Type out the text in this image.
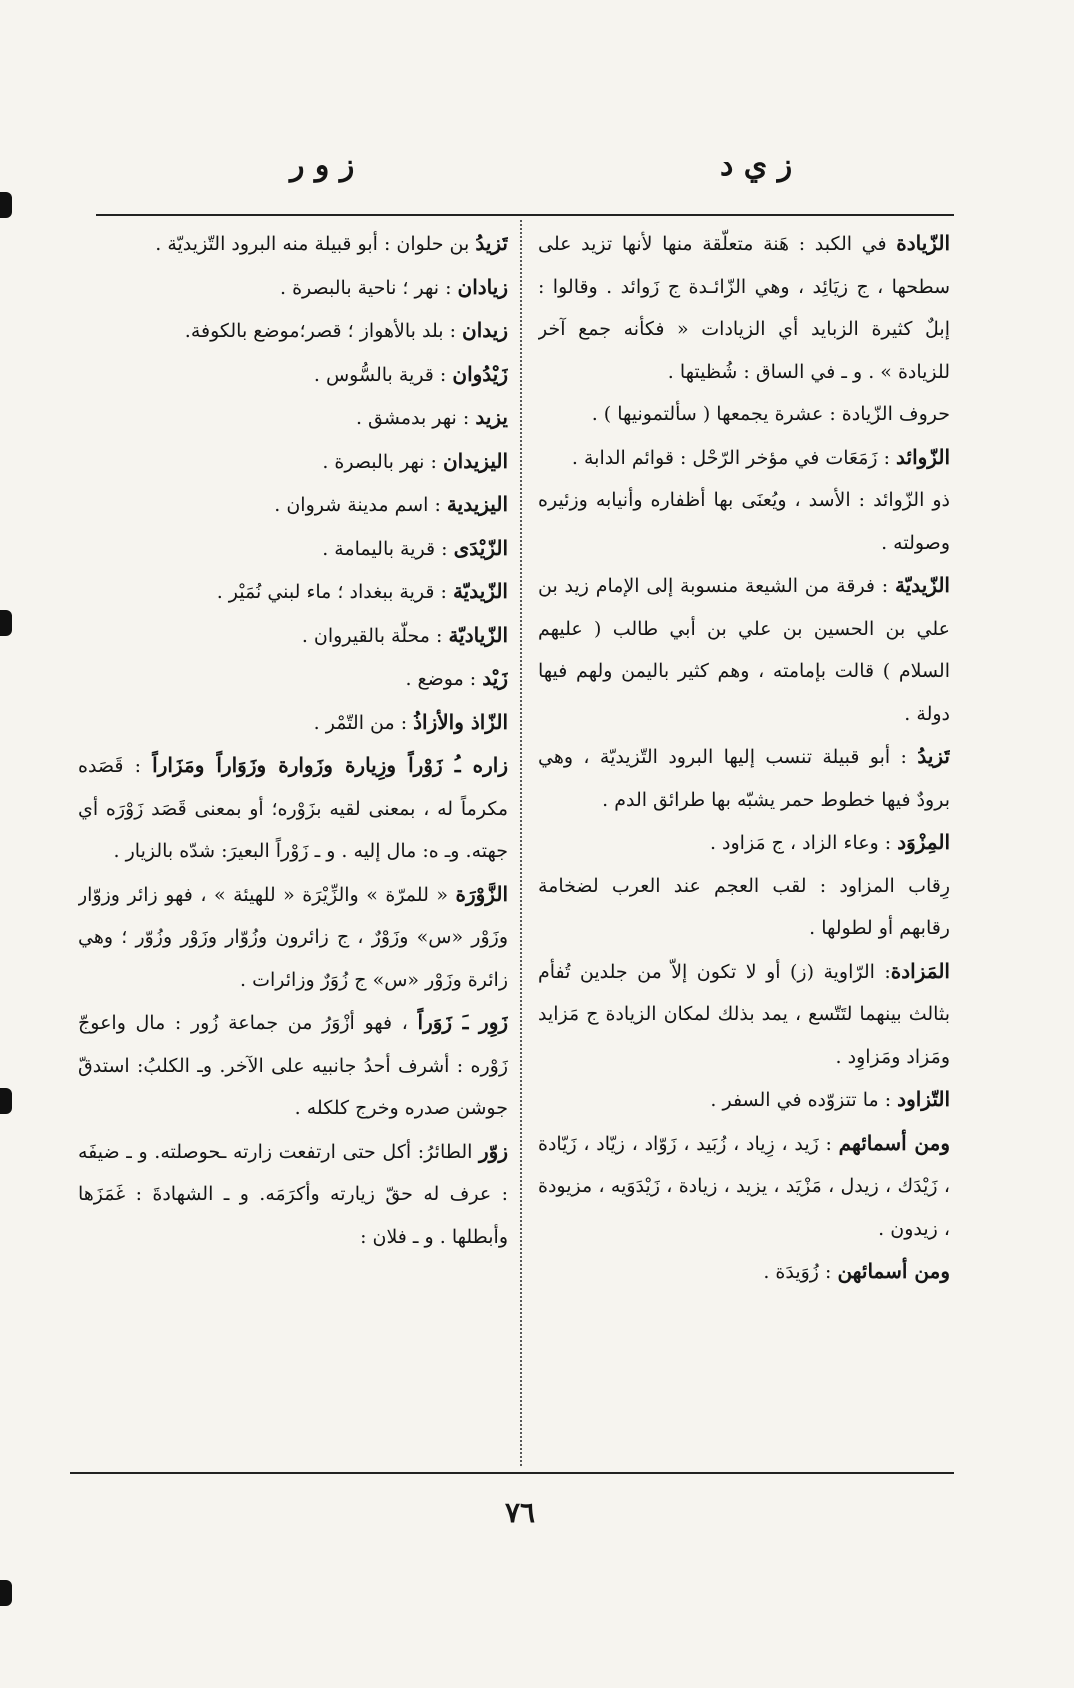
ز ي د
ز و ر

الزّيادة في الكبد : هَنة متعلّقة منها لأنها تزيد على سطحها ، ج زيَائِد ، وهي الزّائـدة ج زَوائد . وقالوا : إبلٌ كثيرة الزبايد أي الزيادات « فكأنه جمع آخر للزيادة » . و ـ في الساق : شُظيتها .

حروف الزّيادة : عشرة يجمعها ( سألتمونيها ) .

الزّوائد : زَمَعَات في مؤخر الرّحْل : قوائم الدابة .

ذو الزّوائد : الأسد ، ويُعنَى بها أظفاره وأنيابه وزئيره وصولته .

الزّيديّة : فرقة من الشيعة منسوبة إلى الإمام زيد بن علي بن الحسين بن علي بن أبي طالب ( عليهم السلام ) قالت بإمامته ، وهم كثير باليمن ولهم فيها دولة .

تَزيدُ : أبو قبيلة تنسب إليها البرود التّزيديّة ، وهي برودٌ فيها خطوط حمر يشبّه بها طرائق الدم .

المِزْوَد : وعاء الزاد ، ج مَزاود .

رِقاب المزاود : لقب العجم عند العرب لضخامة رقابهم أو لطولها .

المَزادة: الرّاوية (ز) أو لا تكون إلاّ من جلدين تُفأم بثالث بينهما لتَتّسع ، يمد بذلك لمكان الزيادة ج مَزايد ومَزاد ومَزاوِد .

التّزاود : ما تتزوّده في السفر .

ومن أسمائهم : زَيد ، زِياد ، زُبَيد ، زَوّاد ، زيّاد ، زَيّادة ، زَيْدَك ، زيدل ، مَزْيَد ، يزيد ، زيادة ، زَيْدَوَيه ، مزيودة ، زيدون .

ومن أسمائهن : زُوَيدَة .

تَزيدُ بن حلوان : أبو قبيلة منه البرود التّزيديّة .

زيادان : نهر ؛ ناحية بالبصرة .

زيدان : بلد بالأهواز ؛ قصر؛موضع بالكوفة.

زَيْدُوان : قرية بالسُّوس .

يزيد : نهر بدمشق .

اليزيدان : نهر بالبصرة .

اليزيدية : اسم مدينة شروان .

الزّيْدَى : قرية باليمامة .

الزّيديّة : قرية ببغداد ؛ ماء لبني نُمَيْر .

الزّياديّة : محلّة بالقيروان .

زَيْد : موضع .

الزّاذ والأزاذُ : من التّمْر .

زاره ـُ زَوْراً وزِيارة وزَوارة وزَوَاراً ومَزَاراً : قَصَده مكرماً له ، بمعنى لقيه بزَوْره؛ أو بمعنى قَصَد زَوْرَه أي جهته. وـ ه: مال إليه . و ـ زَوْراً البعيرَ: شدّه بالزيار .

الزَّوْرَة « للمرّة » والزِّيْرَة « للهيئة » ، فهو زائر وزوّار وزَوْر «س» وزَوْرٌ ، ج زائرون وزُوّار وزَوْر وزُوّر ؛ وهي زائرة وزَوْر «س» ج زُوَرٌ وزائرات .

زَوِر ـَ زَوَراً ، فهو أزْوَرُ من جماعة زُور : مال واعوجّ زَوْره : أشرف أحدُ جانبيه على الآخر. وـ الكلبُ: استدقّ جوشن صدره وخرج كلكله .

زوّر الطائرُ: أكل حتى ارتفعت زارته ـحوصلته. و ـ ضيفَه : عرف له حقّ زيارته وأكرَمَه. و ـ الشهادةَ : غَمَزَها وأبطلها . و ـ فلان :

٧٦
